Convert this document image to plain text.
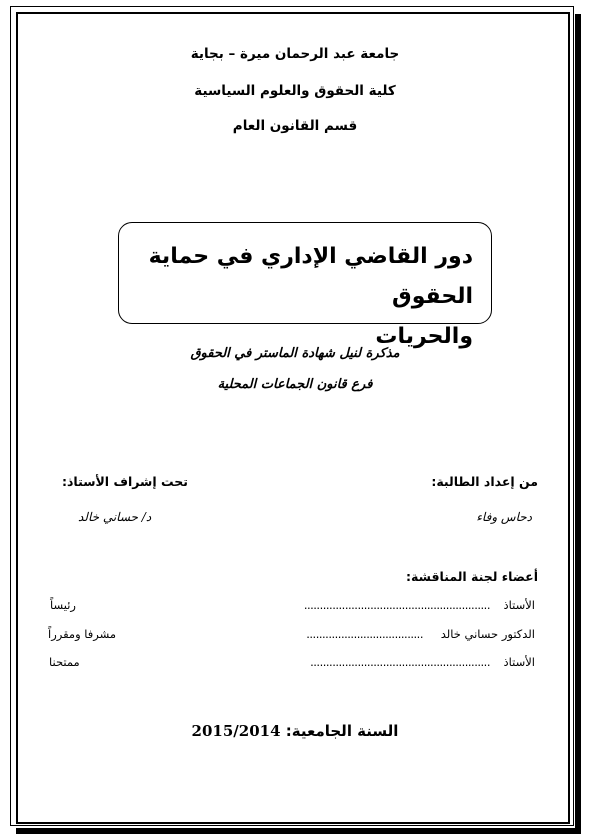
جامعة عبد الرحمان ميرة – بجاية
كلية الحقوق والعلوم السياسية
قسم القانون العام
دور القاضي الإداري في حماية الحقوق
والحريات
مذكرة لنيل شهادة الماستر في الحقوق
فرع قانون الجماعات المحلية
من إعداد الطالبة:
دحاس وفاء
تحت إشراف الأستاذ:
د/ حساني خالد
أعضاء لجنة المناقشة:
الأستاذ
...........................................................
رئيساً
الدكتور حساني خالد
.....................................
مشرفا ومقرراً
الأستاذ
.........................................................
ممتحنا
السنة الجامعية: 2015/2014
